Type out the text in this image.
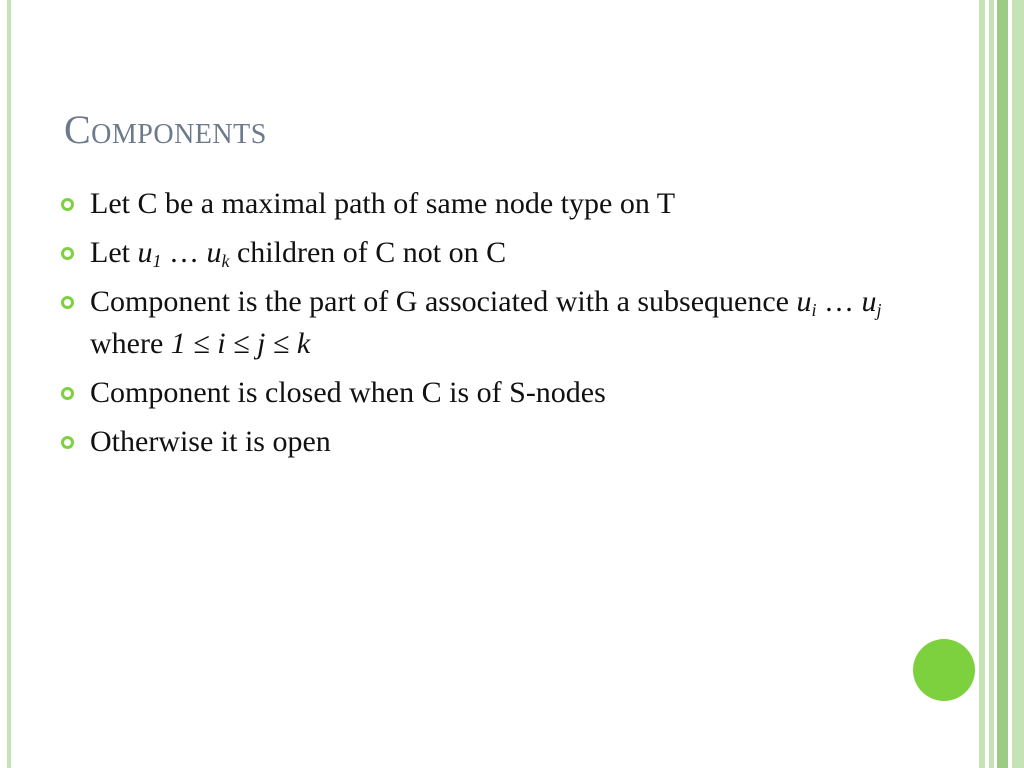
Components
Let C be a maximal path of same node type on T
Let $u_1$ … $u_k$ children of C not on C
Component is the part of G associated with a subsequence $u_i$ … $u_j$ where 1 ≤ i ≤ j ≤ k
Component is closed when C is of S-nodes
Otherwise it is open
